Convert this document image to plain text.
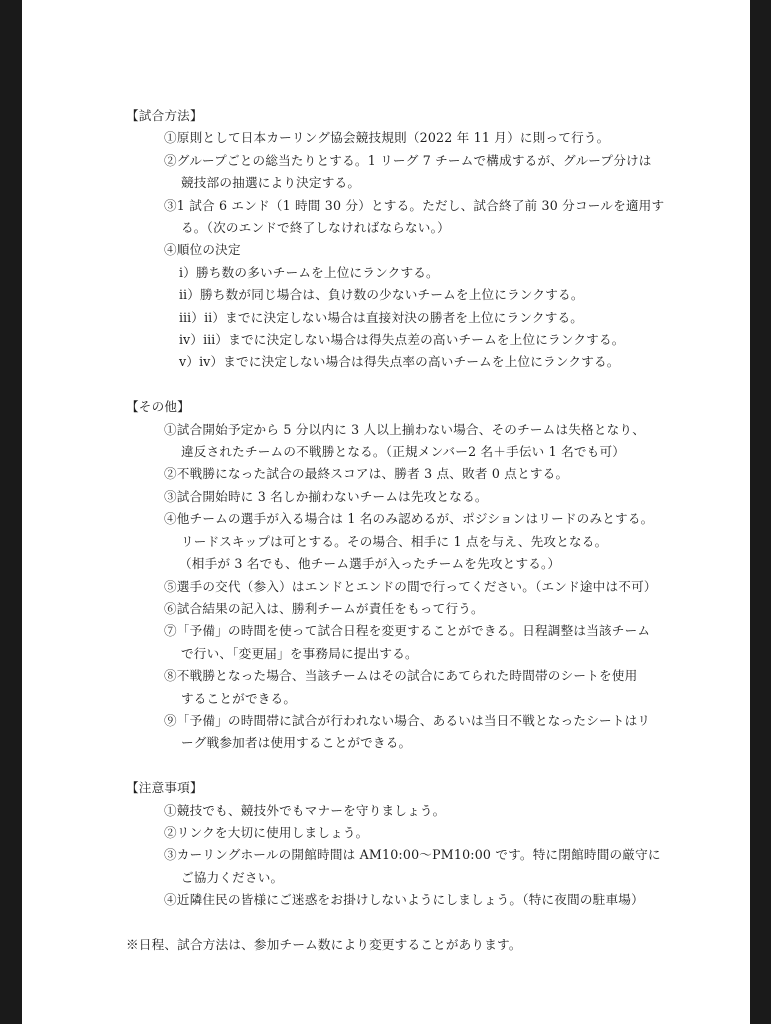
【試合方法】
①原則として日本カーリング協会競技規則（2022 年 11 月）に則って行う。
②グループごとの総当たりとする。1 リーグ 7 チームで構成するが、グループ分けは
競技部の抽選により決定する。
③1 試合 6 エンド（1 時間 30 分）とする。ただし、試合終了前 30 分コールを適用す
る。（次のエンドで終了しなければならない。）
④順位の決定
ⅰ）勝ち数の多いチームを上位にランクする。
ⅱ）勝ち数が同じ場合は、負け数の少ないチームを上位にランクする。
ⅲ）ⅱ）までに決定しない場合は直接対決の勝者を上位にランクする。
ⅳ）ⅲ）までに決定しない場合は得失点差の高いチームを上位にランクする。
ⅴ）ⅳ）までに決定しない場合は得失点率の高いチームを上位にランクする。
【その他】
①試合開始予定から 5 分以内に 3 人以上揃わない場合、そのチームは失格となり、
違反されたチームの不戦勝となる。（正規メンバー2 名＋手伝い 1 名でも可）
②不戦勝になった試合の最終スコアは、勝者 3 点、敗者 0 点とする。
③試合開始時に 3 名しか揃わないチームは先攻となる。
④他チームの選手が入る場合は 1 名のみ認めるが、ポジションはリードのみとする。
リードスキップは可とする。その場合、相手に 1 点を与え、先攻となる。
（相手が 3 名でも、他チーム選手が入ったチームを先攻とする。）
⑤選手の交代（参入）はエンドとエンドの間で行ってください。（エンド途中は不可）
⑥試合結果の記入は、勝利チームが責任をもって行う。
⑦「予備」の時間を使って試合日程を変更することができる。日程調整は当該チーム
で行い、「変更届」を事務局に提出する。
⑧不戦勝となった場合、当該チームはその試合にあてられた時間帯のシートを使用
することができる。
⑨「予備」の時間帯に試合が行われない場合、あるいは当日不戦となったシートはリ
ーグ戦参加者は使用することができる。
【注意事項】
①競技でも、競技外でもマナーを守りましょう。
②リンクを大切に使用しましょう。
③カーリングホールの開館時間は AM10:00～PM10:00 です。特に閉館時間の厳守に
ご協力ください。
④近隣住民の皆様にご迷惑をお掛けしないようにしましょう。（特に夜間の駐車場）
※日程、試合方法は、参加チーム数により変更することがあります。
